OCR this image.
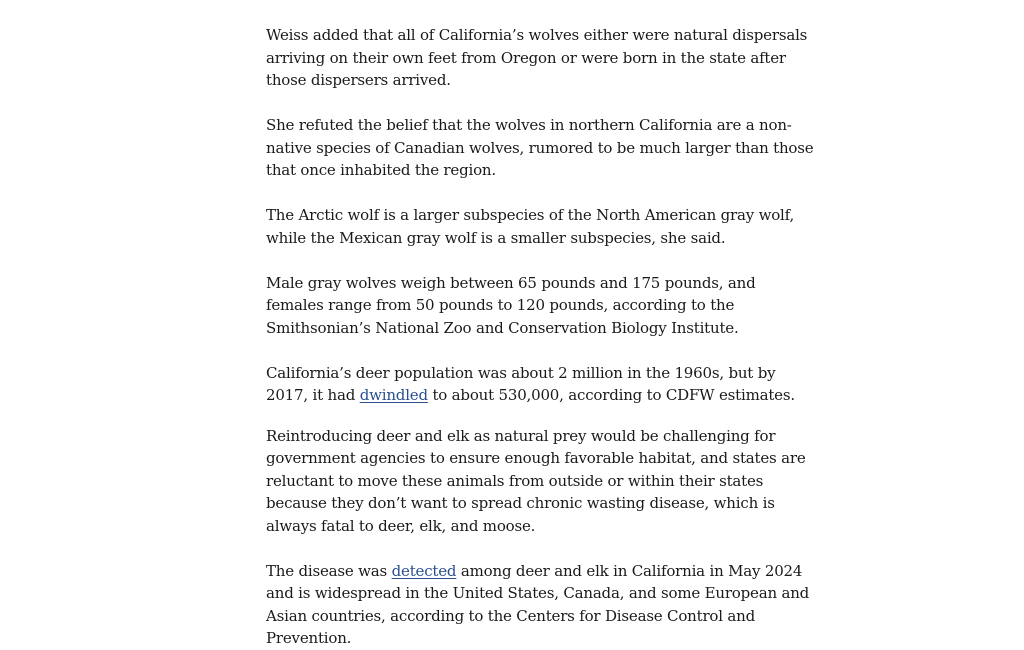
Weiss added that all of California’s wolves either were natural dispersals arriving on their own feet from Oregon or were born in the state after those dispersers arrived.

She refuted the belief that the wolves in northern California are a non-native species of Canadian wolves, rumored to be much larger than those that once inhabited the region.

The Arctic wolf is a larger subspecies of the North American gray wolf, while the Mexican gray wolf is a smaller subspecies, she said.

Male gray wolves weigh between 65 pounds and 175 pounds, and females range from 50 pounds to 120 pounds, according to the Smithsonian’s National Zoo and Conservation Biology Institute.

California’s deer population was about 2 million in the 1960s, but by 2017, it had dwindled to about 530,000, according to CDFW estimates.

Reintroducing deer and elk as natural prey would be challenging for government agencies to ensure enough favorable habitat, and states are reluctant to move these animals from outside or within their states because they don’t want to spread chronic wasting disease, which is always fatal to deer, elk, and moose.

The disease was detected among deer and elk in California in May 2024 and is widespread in the United States, Canada, and some European and Asian countries, according to the Centers for Disease Control and Prevention.
